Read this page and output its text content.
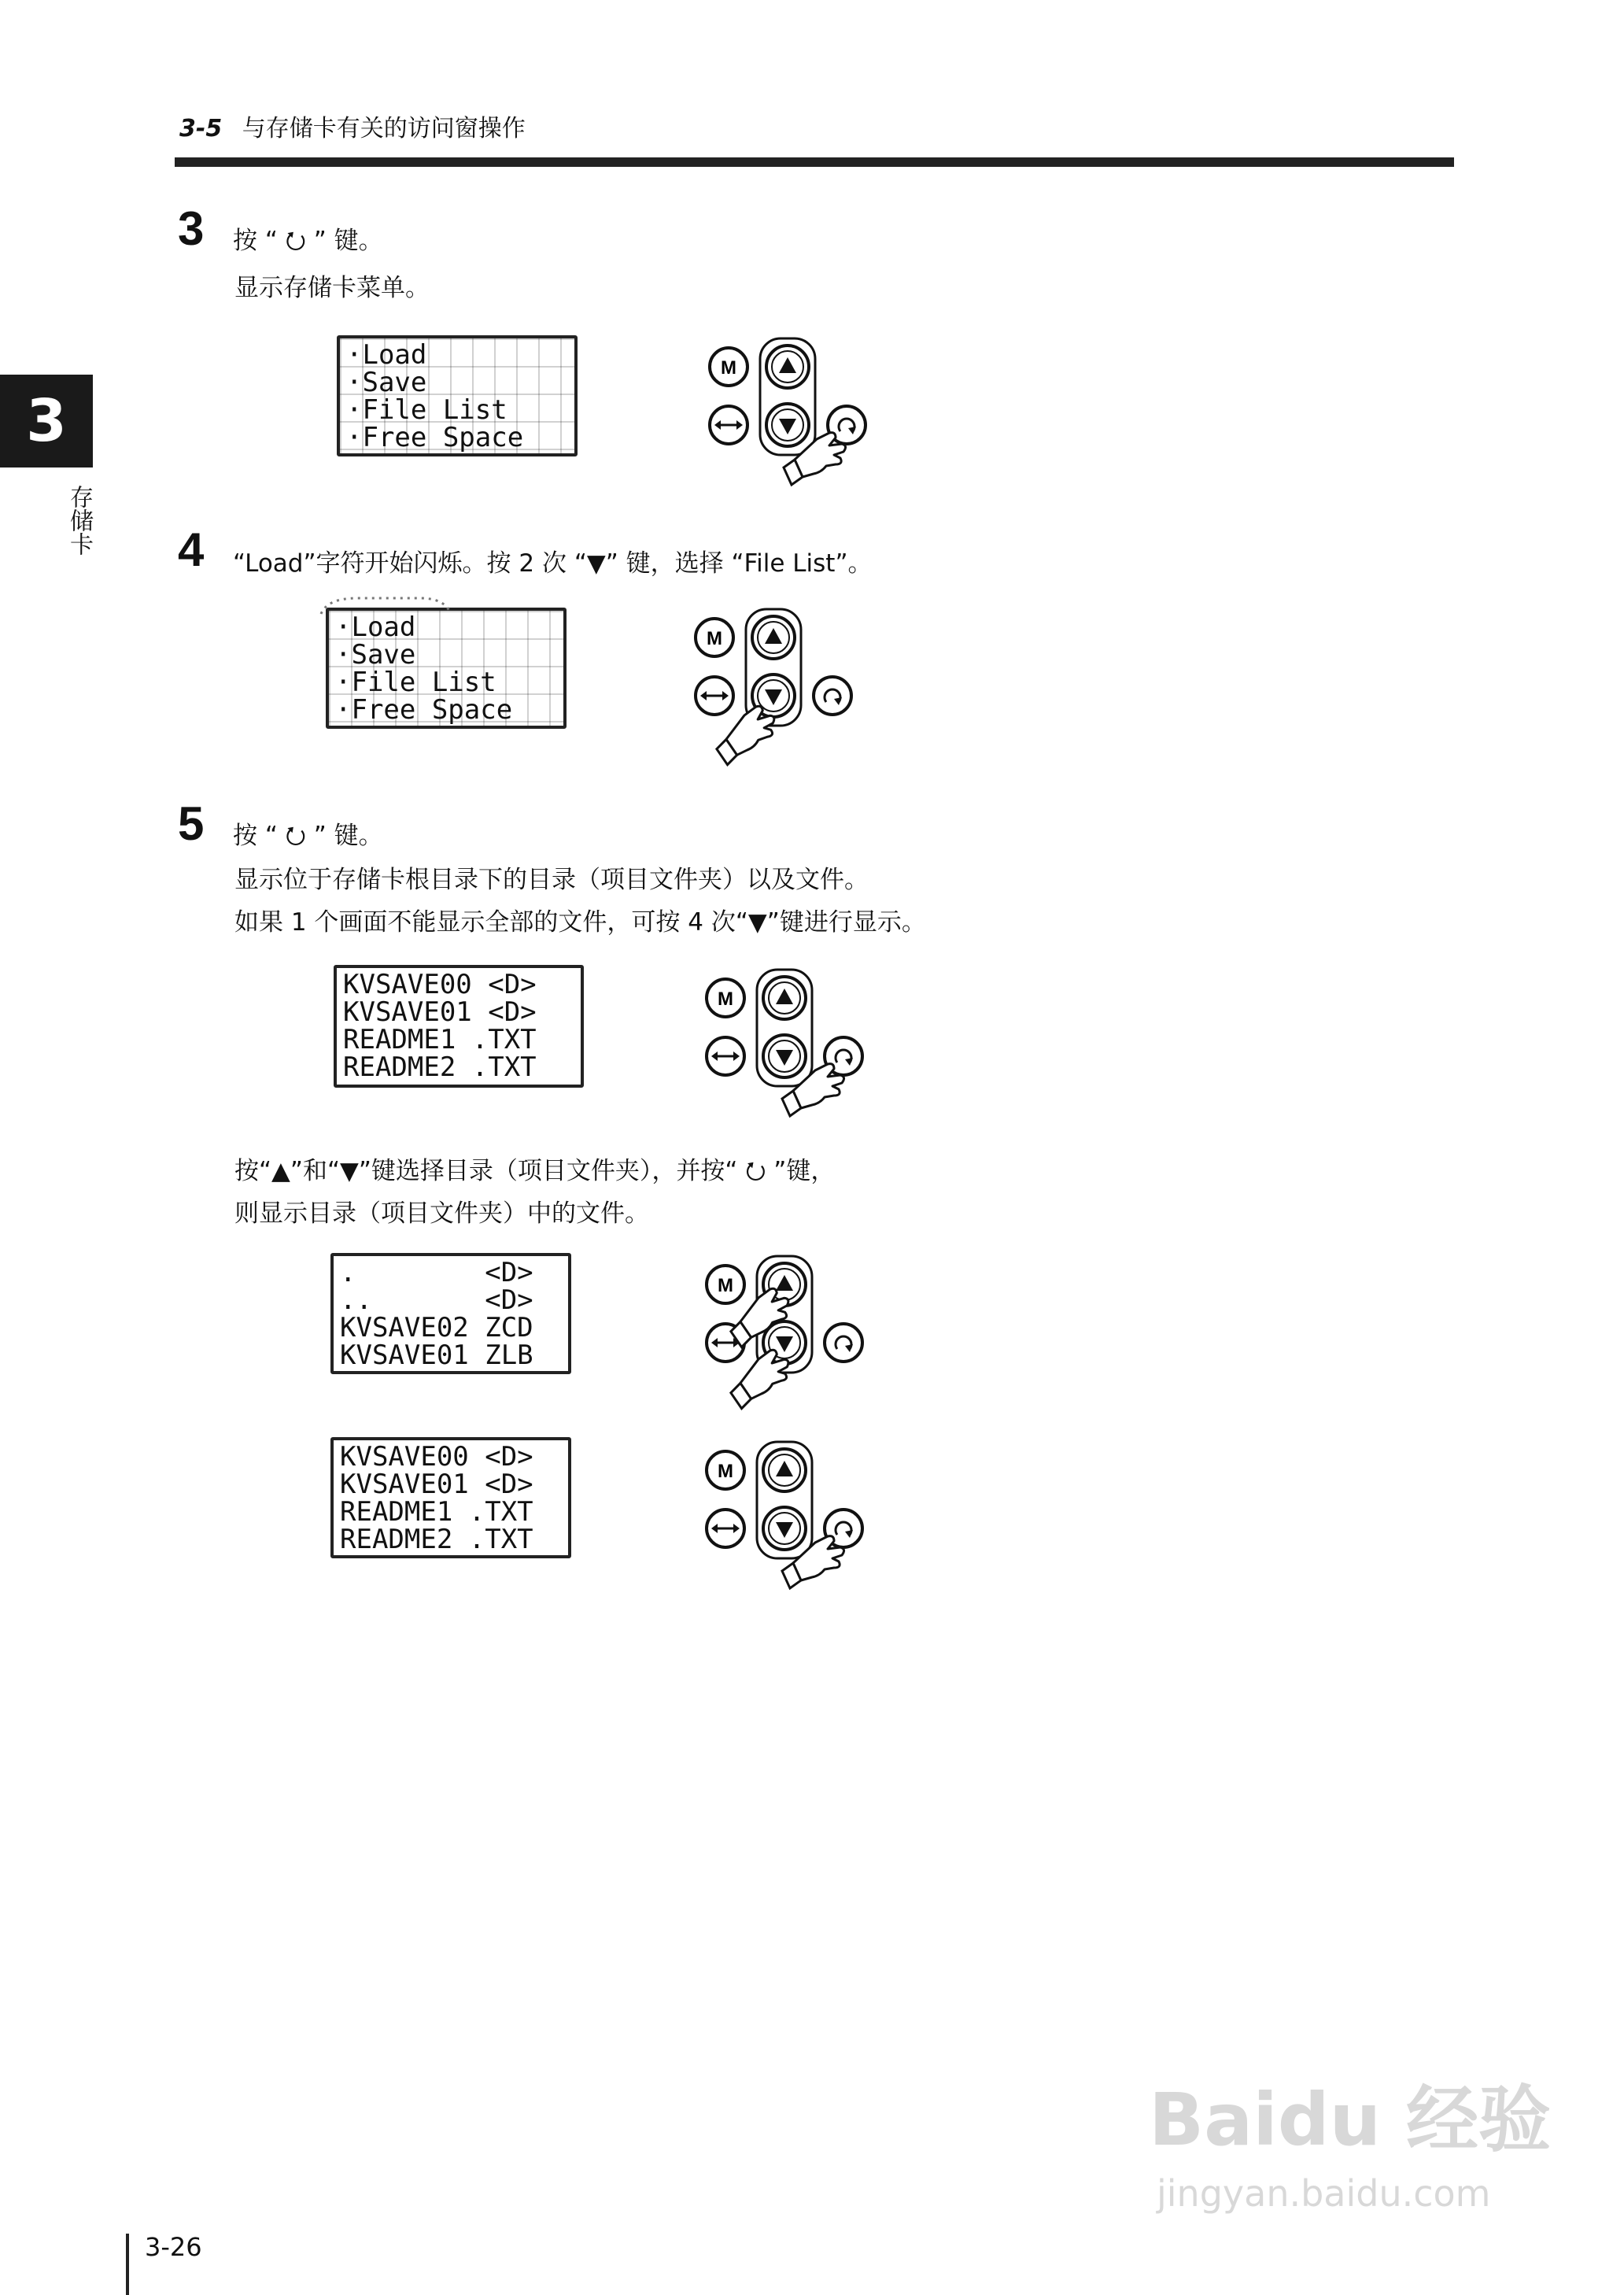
3-5 与存储卡有关的访问窗操作
3
存储卡
3 按 “ ⭮ ” 键。
显示存储卡菜单。
·Load
·Save
·File List
·Free Space
4 “Load”字符开始闪烁。按 2 次 “▼” 键，选择 “File List”。
·Load
·Save
·File List
·Free Space
5 按 “ ⭮ ” 键。
显示位于存储卡根目录下的目录（项目文件夹）以及文件。
如果 1 个画面不能显示全部的文件，可按 4 次“▼”键进行显示。
KVSAVE00 <D>
KVSAVE01 <D>
README1 .TXT
README2 .TXT
按“▲”和“▼”键选择目录（项目文件夹），并按“ ⭮ ”键，
则显示目录（项目文件夹）中的文件。
.        <D>
..       <D>
KVSAVE02 ZCD
KVSAVE01 ZLB
KVSAVE00 <D>
KVSAVE01 <D>
README1 .TXT
README2 .TXT
3-26
Baidu 经验
jingyan.baidu.com
